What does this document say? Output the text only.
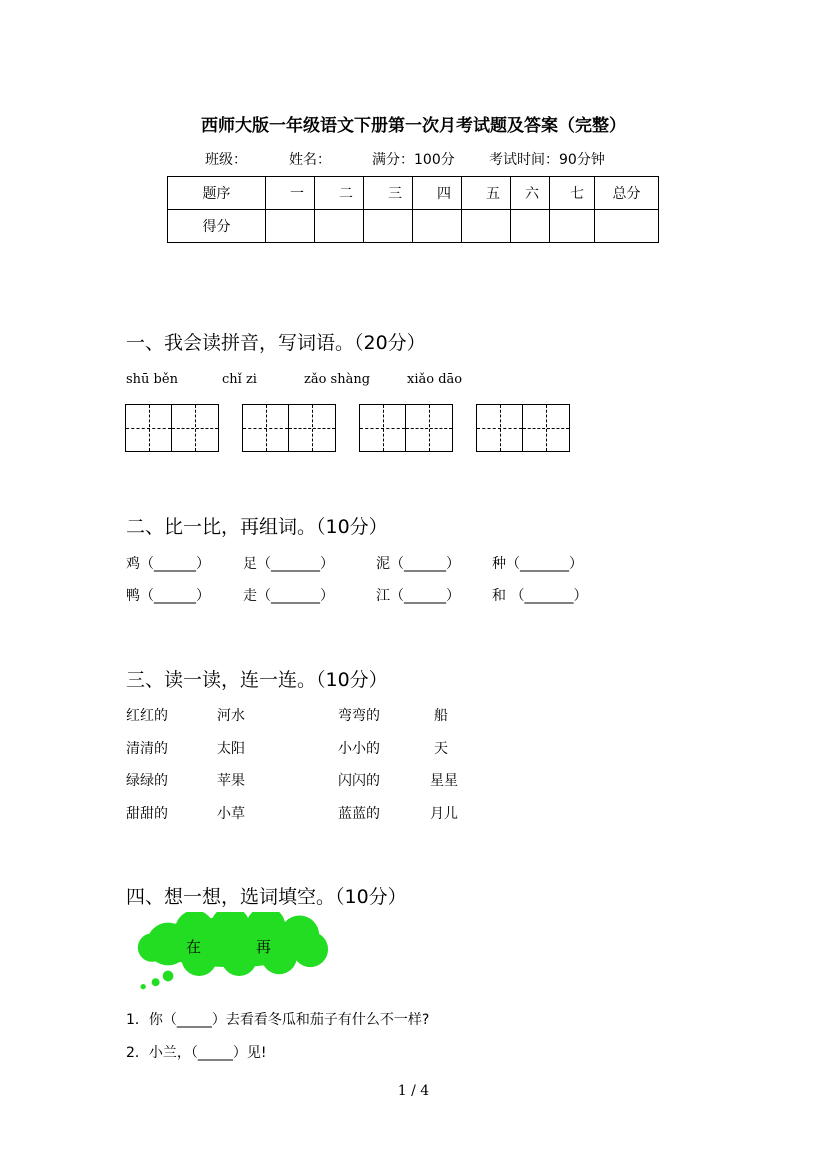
西师大版一年级语文下册第一次月考试题及答案（完整）
班级：	姓名：	满分：100分 考试时间：90分钟
题序	一	二	三	四	五	六	七	总分
得分								
一、我会读拼音，写词语。（20分）
shū běn	chǐ zi	zǎo shàng	xiǎo dāo
二、比一比，再组词。（10分）
鸡（______） 足（_______）	泥（______） 种（_______）
鸭（______） 走（_______）	江（______） 和 （_______）
三、读一读，连一连。（10分）
红红的	河水	弯弯的	船
清清的	太阳	小小的	天
绿绿的	苹果	闪闪的	星星
甜甜的	小草	蓝蓝的	月儿
四、想一想，选词填空。（10分）
在	再
1．你（_____）去看看冬瓜和茄子有什么不一样?
2．小兰，（_____）见!
1 / 4
